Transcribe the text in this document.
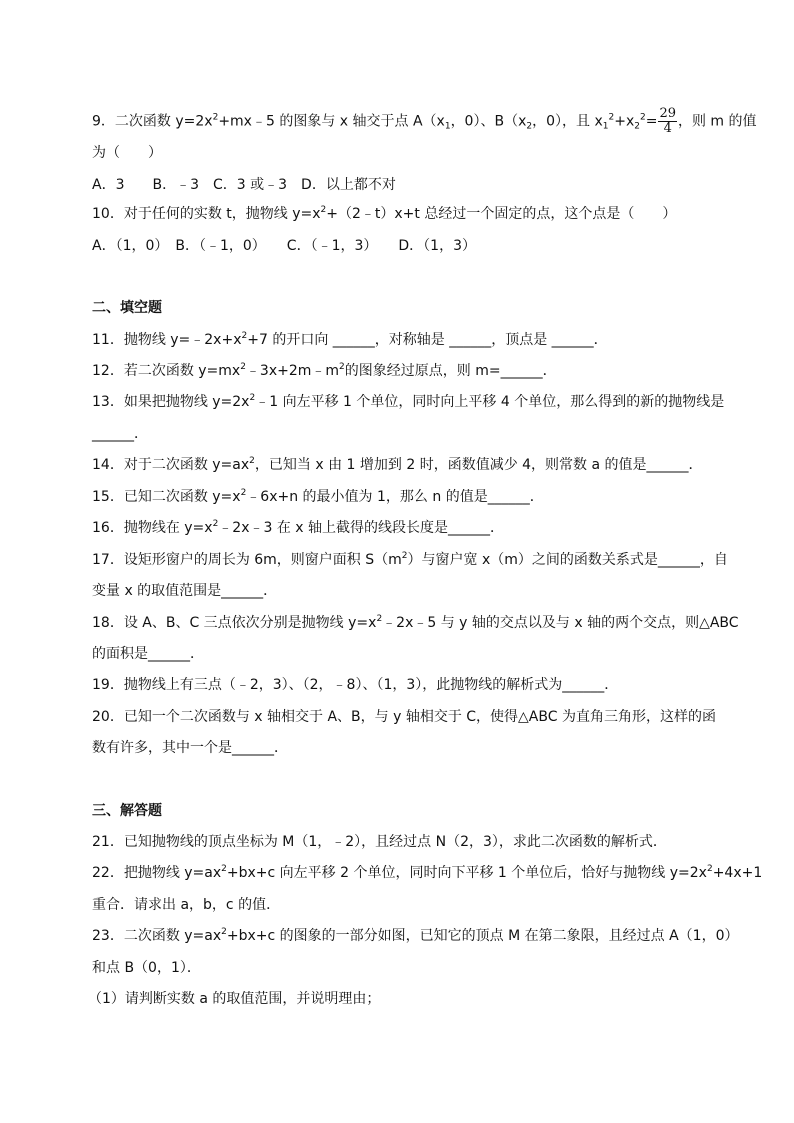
9．二次函数 $y=2x^2+mx﹣5$ 的图象与 x 轴交于点 $A(x_1$，0）、$B(x_2$，0），且 $x_1^2+x_2^2= \frac{29}{4}$ ，则 m 的值
为（　　）
A．3　　B．﹣3　C．3 或﹣3　D．以上都不对
10．对于任何的实数 t，抛物线 $y=x^2+(2﹣t)x+t$ 总经过一个固定的点，这个点是（　　）
A．（1，0）　B．（﹣1，0）　　C．（﹣1，3）　　D．（1，3）
二、填空题
11．抛物线 $y=﹣2x+x^2+7$ 的开口向 ______，对称轴是 ______，顶点是 ______．
12．若二次函数 $y=mx^2﹣3x+2m﹣m^2$的图象经过原点，则 m=______．
13．如果把抛物线 $y=2x^2﹣1$ 向左平移 1 个单位，同时向上平移 4 个单位，那么得到的新的抛物线是
______．
14．对于二次函数 $y=ax^2$，已知当 x 由 1 增加到 2 时，函数值减少 4，则常数 a 的值是______．
15．已知二次函数 $y=x^2﹣6x+n$ 的最小值为 1，那么 n 的值是______．
16．抛物线在 $y=x^2﹣2x﹣3$ 在 x 轴上截得的线段长度是______．
17．设矩形窗户的周长为 6m，则窗户面积 $S(m^2)$与窗户宽 x（m）之间的函数关系式是______，自
变量 x 的取值范围是______．
18．设 A、B、C 三点依次分别是抛物线 $y=x^2﹣2x﹣5$ 与 y 轴的交点以及与 x 轴的两个交点，则△ABC
的面积是______．
19．抛物线上有三点（﹣2，3）、（2，﹣8）、（1，3），此抛物线的解析式为______．
20．已知一个二次函数与 x 轴相交于 A、B，与 y 轴相交于 C，使得△ABC 为直角三角形，这样的函
数有许多，其中一个是______．
三、解答题
21．已知抛物线的顶点坐标为 M（1，﹣2），且经过点 N（2，3），求此二次函数的解析式．
22．把抛物线 $y=ax^2+bx+c$ 向左平移 2 个单位，同时向下平移 1 个单位后，恰好与抛物线 $y=2x^2+4x+1$
重合．请求出 a，b，c 的值．
23．二次函数 $y=ax^2+bx+c$ 的图象的一部分如图，已知它的顶点 M 在第二象限，且经过点 A（1，0）
和点 B（0，1）．
（1）请判断实数 a 的取值范围，并说明理由；
